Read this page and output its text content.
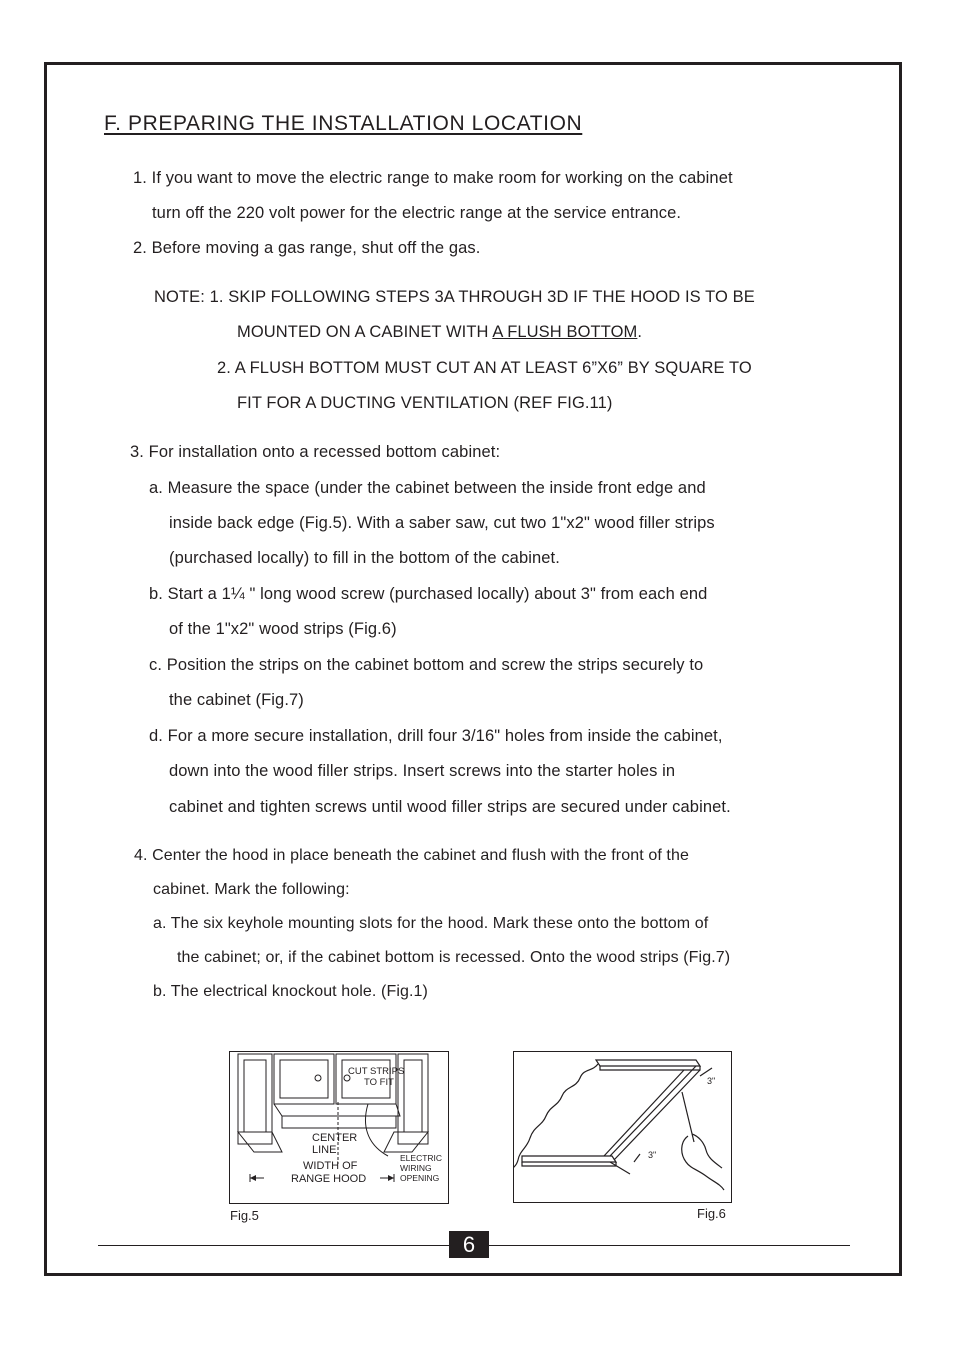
F. PREPARING THE INSTALLATION LOCATION
1. If you want to move the electric range to make room for working on the cabinet
turn off the 220 volt power for the electric range at the service entrance.
2. Before moving a gas range, shut off the gas.
NOTE: 1. SKIP FOLLOWING STEPS 3A THROUGH 3D IF THE HOOD IS TO BE
MOUNTED ON A CABINET WITH A FLUSH BOTTOM.
2. A FLUSH BOTTOM MUST CUT AN AT LEAST 6”X6” BY SQUARE TO
FIT FOR A DUCTING VENTILATION (REF FIG.11)
3. For installation onto a recessed bottom cabinet:
a. Measure the space (under the cabinet between the inside front edge and
inside back edge (Fig.5). With a saber saw, cut two 1"x2" wood filler strips
(purchased locally) to fill in the bottom of the cabinet.
b. Start a 1¼ " long wood screw (purchased locally) about 3" from each end
of the 1"x2" wood strips (Fig.6)
c. Position the strips on the cabinet bottom and screw the strips securely to
the cabinet (Fig.7)
d. For a more secure installation, drill four 3/16" holes from inside the cabinet,
down into the wood filler strips. Insert screws into the starter holes in
cabinet and tighten screws until wood filler strips are secured under cabinet.
4. Center the hood in place beneath the cabinet and flush with the front of the
cabinet. Mark the following:
a. The six keyhole mounting slots for the hood. Mark these onto the bottom of
the cabinet; or, if the cabinet bottom is recessed. Onto the wood strips (Fig.7)
b. The electrical knockout hole. (Fig.1)
CUT STRIPS
TO FIT
CENTER
LINE
WIDTH OF
RANGE HOOD
ELECTRIC
WIRING
OPENING
Fig.5
3"
3"
Fig.6
6
